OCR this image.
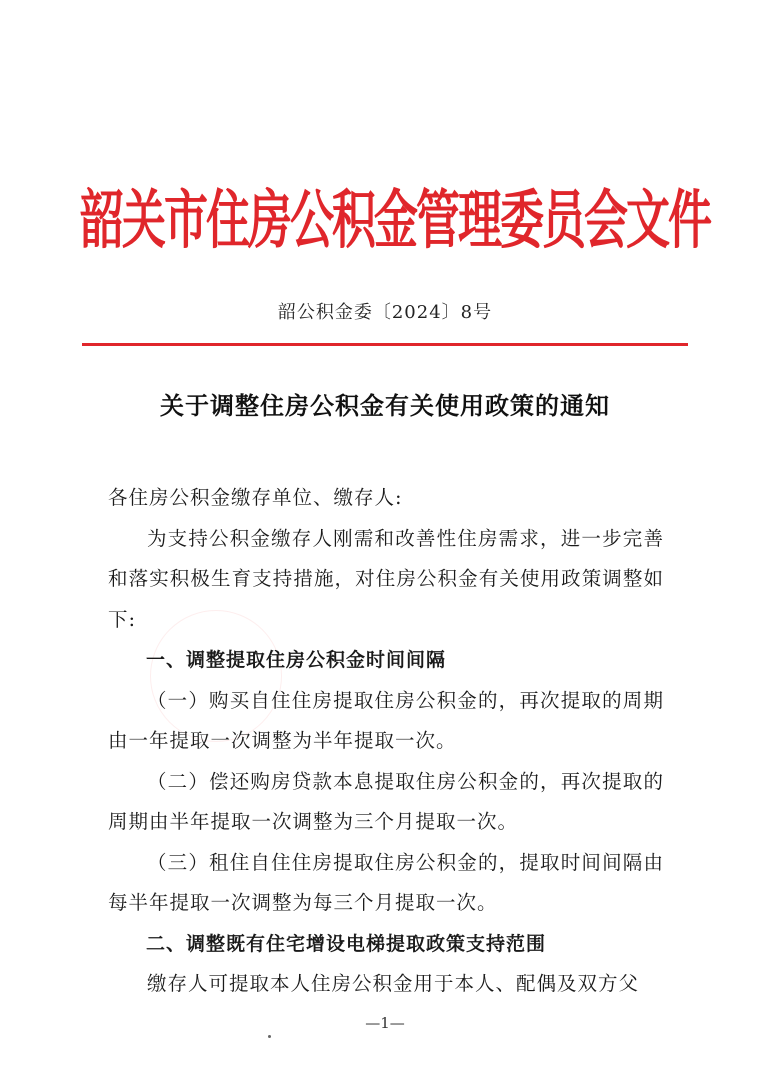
韶关市住房公积金管理委员会文件
韶公积金委〔2024〕8号
关于调整住房公积金有关使用政策的通知

各住房公积金缴存单位、缴存人:

为支持公积金缴存人刚需和改善性住房需求，进一步完善和落实积极生育支持措施，对住房公积金有关使用政策调整如下:

一、调整提取住房公积金时间间隔

（一）购买自住住房提取住房公积金的，再次提取的周期由一年提取一次调整为半年提取一次。

（二）偿还购房贷款本息提取住房公积金的，再次提取的周期由半年提取一次调整为三个月提取一次。

（三）租住自住住房提取住房公积金的，提取时间间隔由每半年提取一次调整为每三个月提取一次。

二、调整既有住宅增设电梯提取政策支持范围

缴存人可提取本人住房公积金用于本人、配偶及双方父

—1—
